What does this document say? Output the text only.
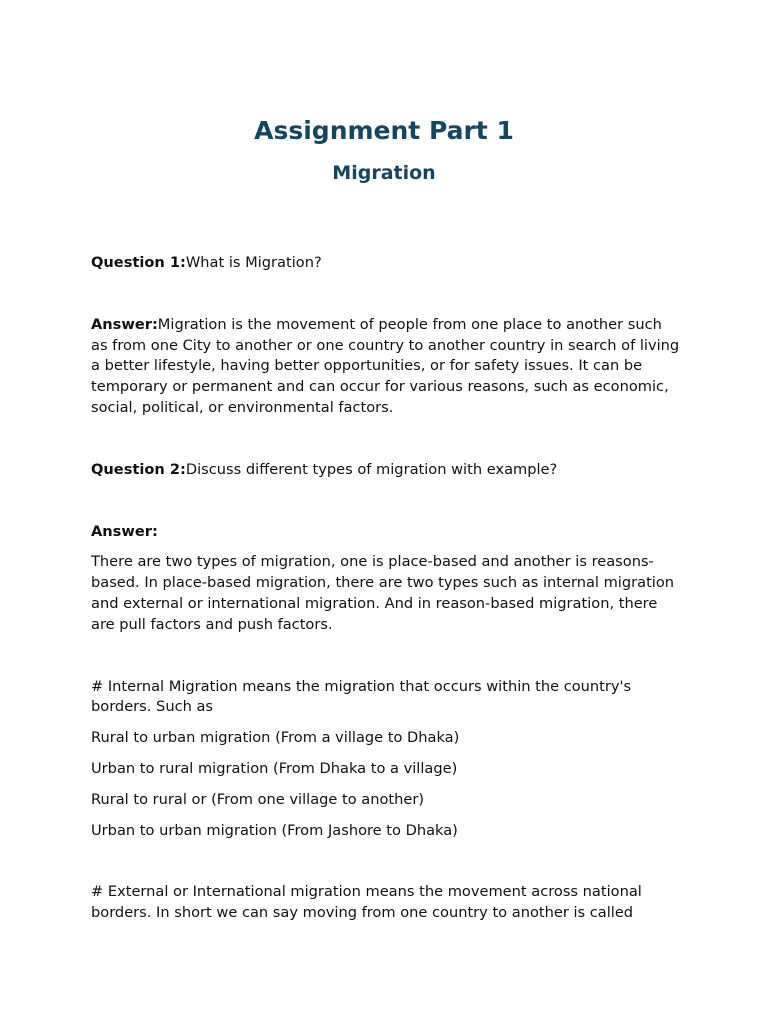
Assignment Part 1
Migration

Question 1:What is Migration?

Answer:Migration is the movement of people from one place to another such as from one City to another or one country to another country in search of living a better lifestyle, having better opportunities, or for safety issues. It can be temporary or permanent and can occur for various reasons, such as economic, social, political, or environmental factors.

Question 2:Discuss different types of migration with example?

Answer:

There are two types of migration, one is place-based and another is reasons-based. In place-based migration, there are two types such as internal migration and external or international migration. And in reason-based migration, there are pull factors and push factors.

# Internal Migration means the migration that occurs within the country's borders. Such as

Rural to urban migration (From a village to Dhaka)

Urban to rural migration (From Dhaka to a village)

Rural to rural or (From one village to another)

Urban to urban migration (From Jashore to Dhaka)

# External or International migration means the movement across national borders. In short we can say moving from one country to another is called
